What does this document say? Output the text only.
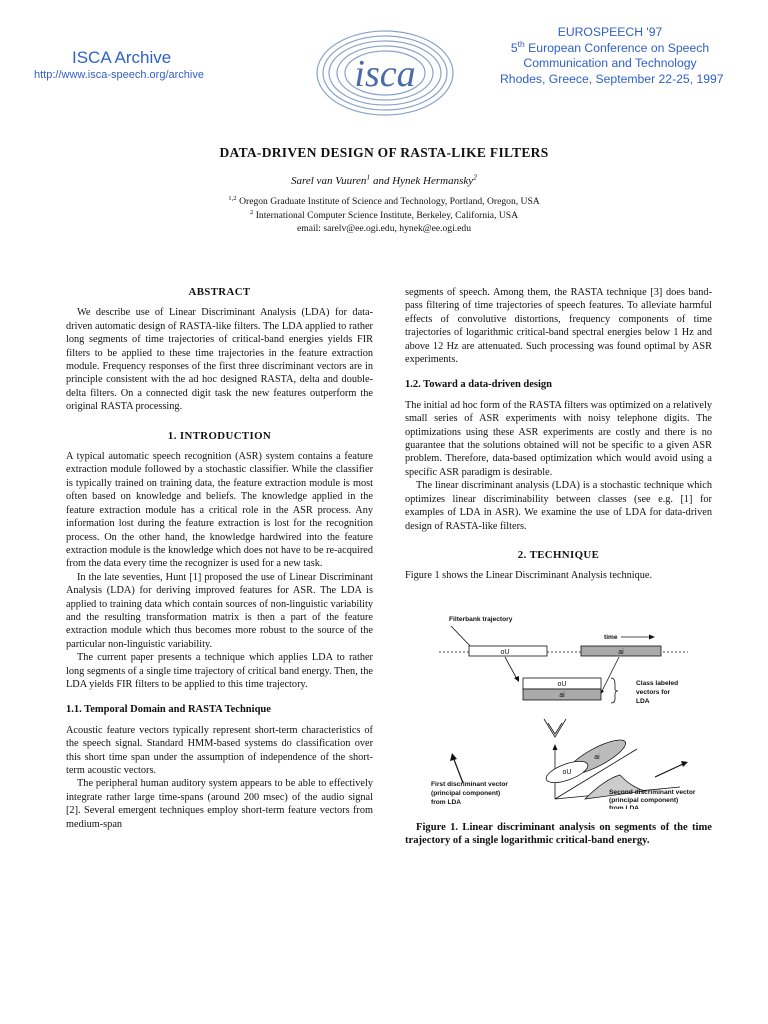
ISCA Archive
http://www.isca-speech.org/archive	isca
EUROSPEECH '97
5th European Conference on Speech
Communication and Technology
Rhodes, Greece, September 22-25, 1997
DATA-DRIVEN DESIGN OF RASTA-LIKE FILTERS
Sarel van Vuuren$^1$ and Hynek Hermansky$^2$
$^{1,2}$ Oregon Graduate Institute of Science and Technology, Portland, Oregon, USA
$^2$ International Computer Science Institute, Berkeley, California, USA
email: sarelv@ee.ogi.edu, hynek@ee.ogi.edu
ABSTRACT

We describe use of Linear Discriminant Analysis (LDA) for data-driven automatic design of RASTA-like filters. The LDA applied to rather long segments of time trajectories of critical-band energies yields FIR filters to be applied to these time trajectories in the feature extraction module. Frequency responses of the first three discriminant vectors are in principle consistent with the ad hoc designed RASTA, delta and double-delta filters. On a connected digit task the new features outperform the original RASTA processing.

1. INTRODUCTION

A typical automatic speech recognition (ASR) system contains a feature extraction module followed by a stochastic classifier. While the classifier is typically trained on training data, the feature extraction module is most often based on knowledge and beliefs. The knowledge applied in the feature extraction module has a critical role in the ASR process. Any information lost during the feature extraction is lost for the recognition process. On the other hand, the knowledge hardwired into the feature extraction module is the knowledge which does not have to be re-acquired from the data every time the recognizer is used for a new task.

In the late seventies, Hunt [1] proposed the use of Linear Discriminant Analysis (LDA) for deriving improved features for ASR. The LDA is applied to training data which contain sources of non-linguistic variability and the resulting transformation matrix is then a part of the feature extraction module which thus becomes more robust to the source of the particular non-linguistic variability.

The current paper presents a technique which applies LDA to rather long segments of a single time trajectory of critical band energy. Then, the LDA yields FIR filters to be applied to this time trajectory.

1.1. Temporal Domain and RASTA Technique

Acoustic feature vectors typically represent short-term characteristics of the speech signal. Standard HMM-based systems do classification over this short time span under the assumption of independence of the short-term acoustic vectors.

The peripheral human auditory system appears to be able to effectively integrate rather large time-spans (around 200 msec) of the audio signal [2]. Several emergent techniques employ short-term feature vectors from medium-span

segments of speech. Among them, the RASTA technique [3] does band-pass filtering of time trajectories of speech features. To alleviate harmful effects of convolutive distortions, frequency components of time trajectories of logarithmic critical-band spectral energies below 1 Hz and above 12 Hz are attenuated. Such processing was found optimal by ASR experiments.

1.2. Toward a data-driven design

The initial ad hoc form of the RASTA filters was optimized on a relatively small series of ASR experiments with noisy telephone digits. The optimizations using these ASR experiments are costly and there is no guarantee that the solutions obtained will not be specific to a given ASR problem. Therefore, data-based optimization which would avoid using a specific ASR paradigm is desirable.

The linear discriminant analysis (LDA) is a stochastic technique which optimizes linear discriminability between classes (see e.g. [1] for examples of LDA in ASR). We examine the use of LDA for data-driven design of RASTA-like filters.

2. TECHNIQUE

Figure 1 shows the Linear Discriminant Analysis technique.

Filterbank trajectory
time
oU	ai
oU
ai
Class labeled
vectors for
LDA
ai
oU
First discriminant vector
(principal component)
from LDA
Second discriminant vector
(principal component)
from LDA

Figure 1. Linear discriminant analysis on segments of the time trajectory of a single logarithmic critical-band energy.
